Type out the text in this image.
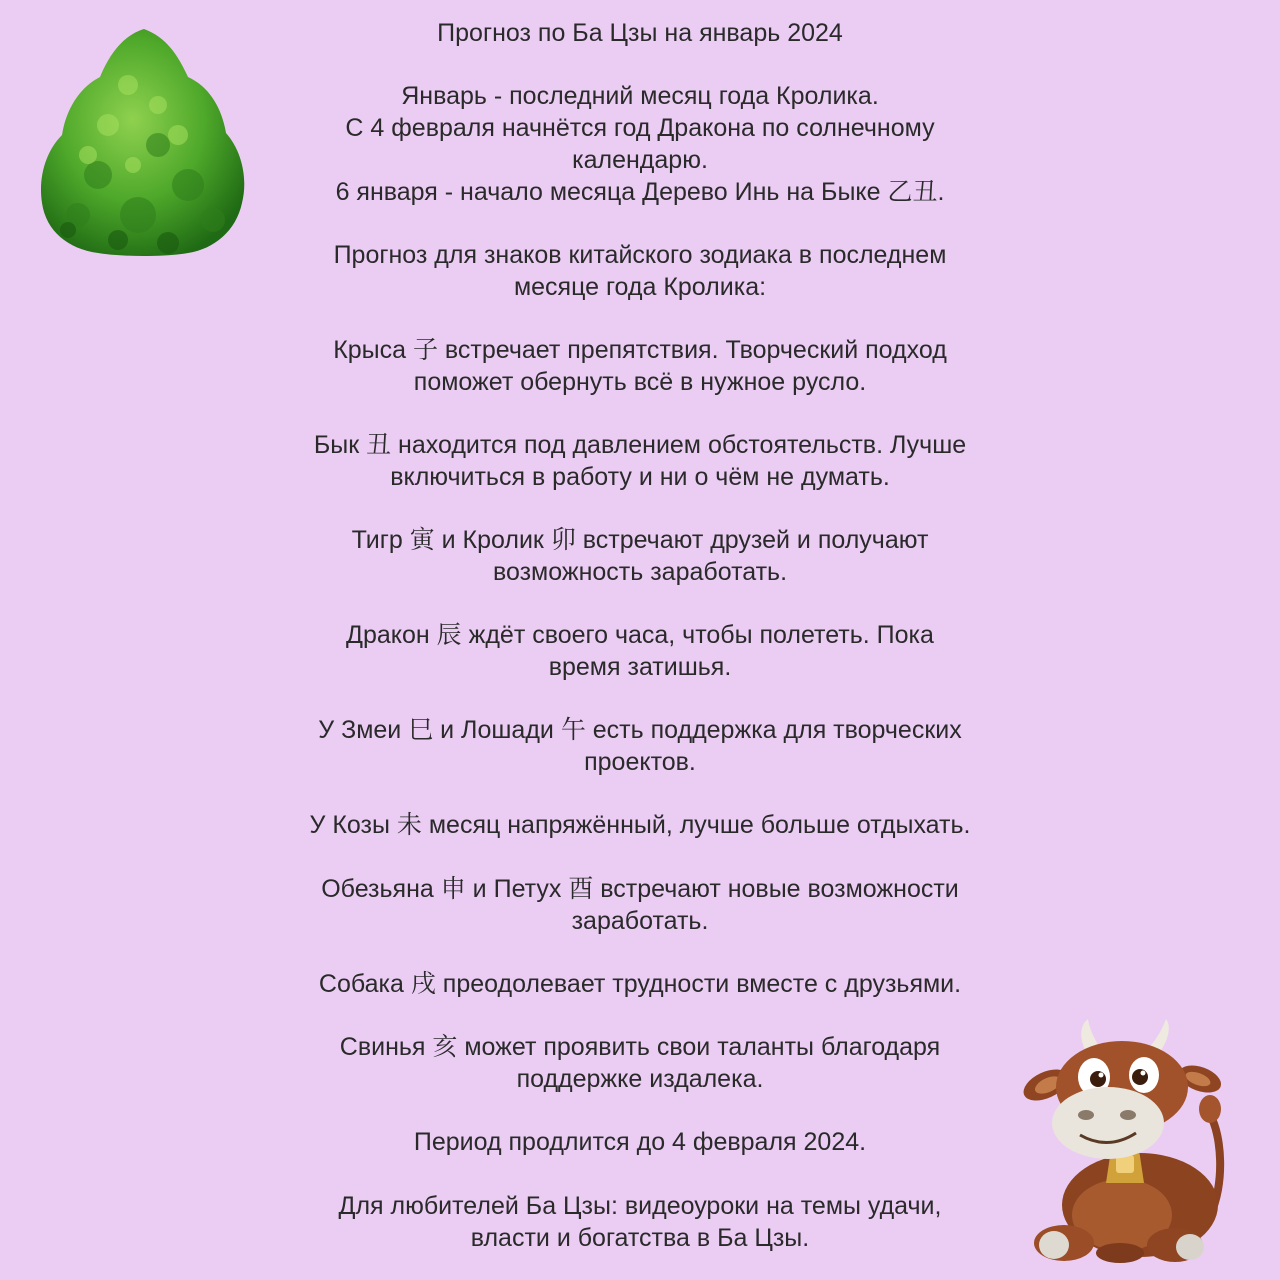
Прогноз по Ба Цзы на январь 2024

Январь - последний месяц года Кролика.

С 4 февраля начнётся год Дракона по солнечному

календарю.

6 января - начало месяца Дерево Инь на Быке 乙丑.

Прогноз для знаков китайского зодиака в последнем

месяце года Кролика:

Крыса 子 встречает препятствия. Творческий подход

поможет обернуть всё в нужное русло.

Бык 丑 находится под давлением обстоятельств. Лучше

включиться в работу и ни о чём не думать.

Тигр 寅 и Кролик 卯 встречают друзей и получают

возможность заработать.

Дракон 辰 ждёт своего часа, чтобы полететь. Пока

время затишья.

У Змеи 巳 и Лошади 午 есть поддержка для творческих

проектов.

У Козы 未 месяц напряжённый, лучше больше отдыхать.

Обезьяна 申 и Петух 酉 встречают новые возможности

заработать.

Собака 戌 преодолевает трудности вместе с друзьями.

Свинья 亥 может проявить свои таланты благодаря

поддержке издалека.

Период продлится до 4 февраля 2024.

Для любителей Ба Цзы: видеоуроки на темы удачи,

власти и богатства в Ба Цзы.
